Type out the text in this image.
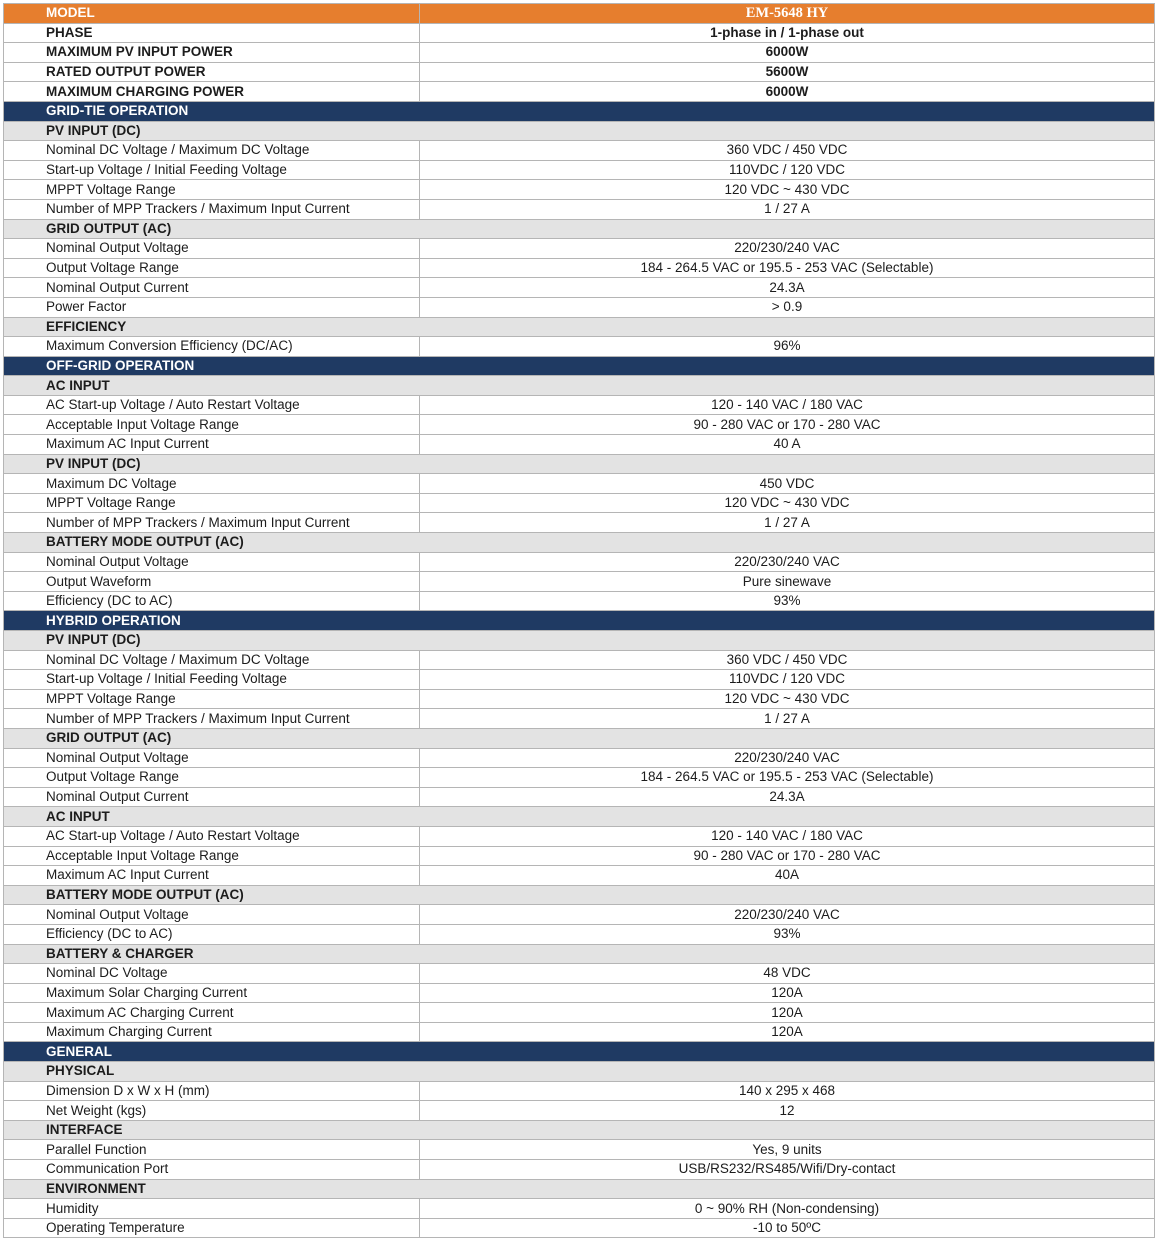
MODEL	EM-5648 HY
PHASE	1-phase in / 1-phase out
MAXIMUM PV INPUT POWER	6000W
RATED OUTPUT POWER	5600W
MAXIMUM CHARGING POWER	6000W
GRID-TIE OPERATION	
PV INPUT (DC)	
Nominal DC Voltage / Maximum DC Voltage	360 VDC / 450 VDC
Start-up Voltage / Initial Feeding Voltage	110VDC / 120 VDC
MPPT Voltage Range	120 VDC ~ 430 VDC
Number of MPP Trackers / Maximum Input Current	1 / 27 A
GRID OUTPUT (AC)	
Nominal Output Voltage	220/230/240 VAC
Output Voltage Range	184 - 264.5 VAC or 195.5 - 253 VAC (Selectable)
Nominal Output Current	24.3A
Power Factor	> 0.9
EFFICIENCY	
Maximum Conversion Efficiency (DC/AC)	96%
OFF-GRID OPERATION	
AC INPUT	
AC Start-up Voltage / Auto Restart Voltage	120 - 140 VAC / 180 VAC
Acceptable Input Voltage Range	90 - 280 VAC or 170 - 280 VAC
Maximum AC Input Current	40 A
PV INPUT (DC)	
Maximum DC Voltage	450 VDC
MPPT Voltage Range	120 VDC ~ 430 VDC
Number of MPP Trackers / Maximum Input Current	1 / 27 A
BATTERY MODE OUTPUT (AC)	
Nominal Output Voltage	220/230/240 VAC
Output Waveform	Pure sinewave
Efficiency (DC to AC)	93%
HYBRID OPERATION	
PV INPUT (DC)	
Nominal DC Voltage / Maximum DC Voltage	360 VDC / 450 VDC
Start-up Voltage / Initial Feeding Voltage	110VDC / 120 VDC
MPPT Voltage Range	120 VDC ~ 430 VDC
Number of MPP Trackers / Maximum Input Current	1 / 27 A
GRID OUTPUT (AC)	
Nominal Output Voltage	220/230/240 VAC
Output Voltage Range	184 - 264.5 VAC or 195.5 - 253 VAC (Selectable)
Nominal Output Current	24.3A
AC INPUT	
AC Start-up Voltage / Auto Restart Voltage	120 - 140 VAC / 180 VAC
Acceptable Input Voltage Range	90 - 280 VAC or 170 - 280 VAC
Maximum AC Input Current	40A
BATTERY MODE OUTPUT (AC)	
Nominal Output Voltage	220/230/240 VAC
Efficiency (DC to AC)	93%
BATTERY & CHARGER	
Nominal DC Voltage	48 VDC
Maximum Solar Charging Current	120A
Maximum AC Charging Current	120A
Maximum Charging Current	120A
GENERAL	
PHYSICAL	
Dimension D x W x H (mm)	140 x 295 x 468
Net Weight (kgs)	12
INTERFACE	
Parallel Function	Yes, 9 units
Communication Port	USB/RS232/RS485/Wifi/Dry-contact
ENVIRONMENT	
Humidity	0 ~ 90% RH (Non-condensing)
Operating Temperature	-10 to 50ºC
